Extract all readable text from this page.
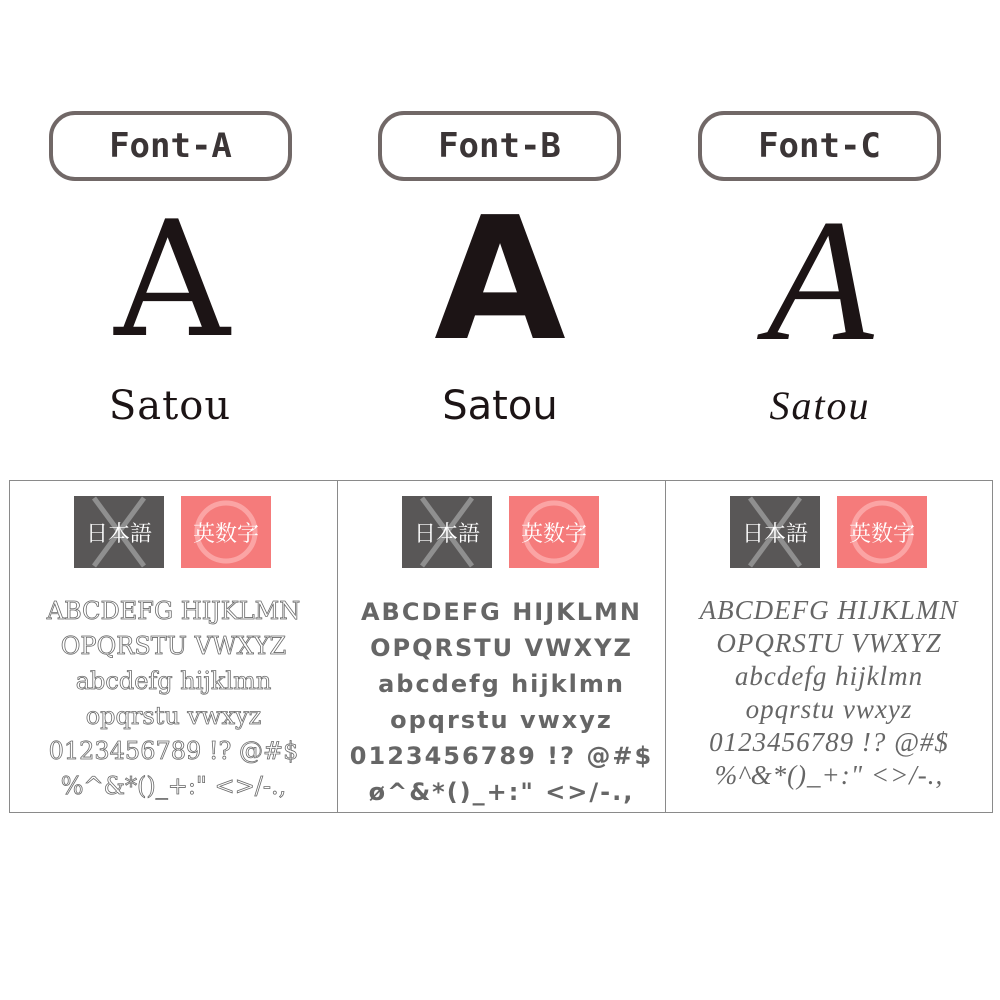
Font-A
A
Satou
Font-B
A
Satou
Font-C
A
Satou
日本語 英数字
ABCDEFG HIJKLMN
OPQRSTU VWXYZ
abcdefg hijklmn
opqrstu vwxyz
0123456789 !? @#$
%^&*()_+:" <>/-.,
日本語 英数字
ABCDEFG HIJKLMN
OPQRSTU VWXYZ
abcdefg hijklmn
opqrstu vwxyz
0123456789 !? @#$
ø^&*()_+:" <>/-.,
日本語 英数字
ABCDEFG HIJKLMN
OPQRSTU VWXYZ
abcdefg hijklmn
opqrstu vwxyz
0123456789 !? @#$
%^&*()_+:" <>/-.,
